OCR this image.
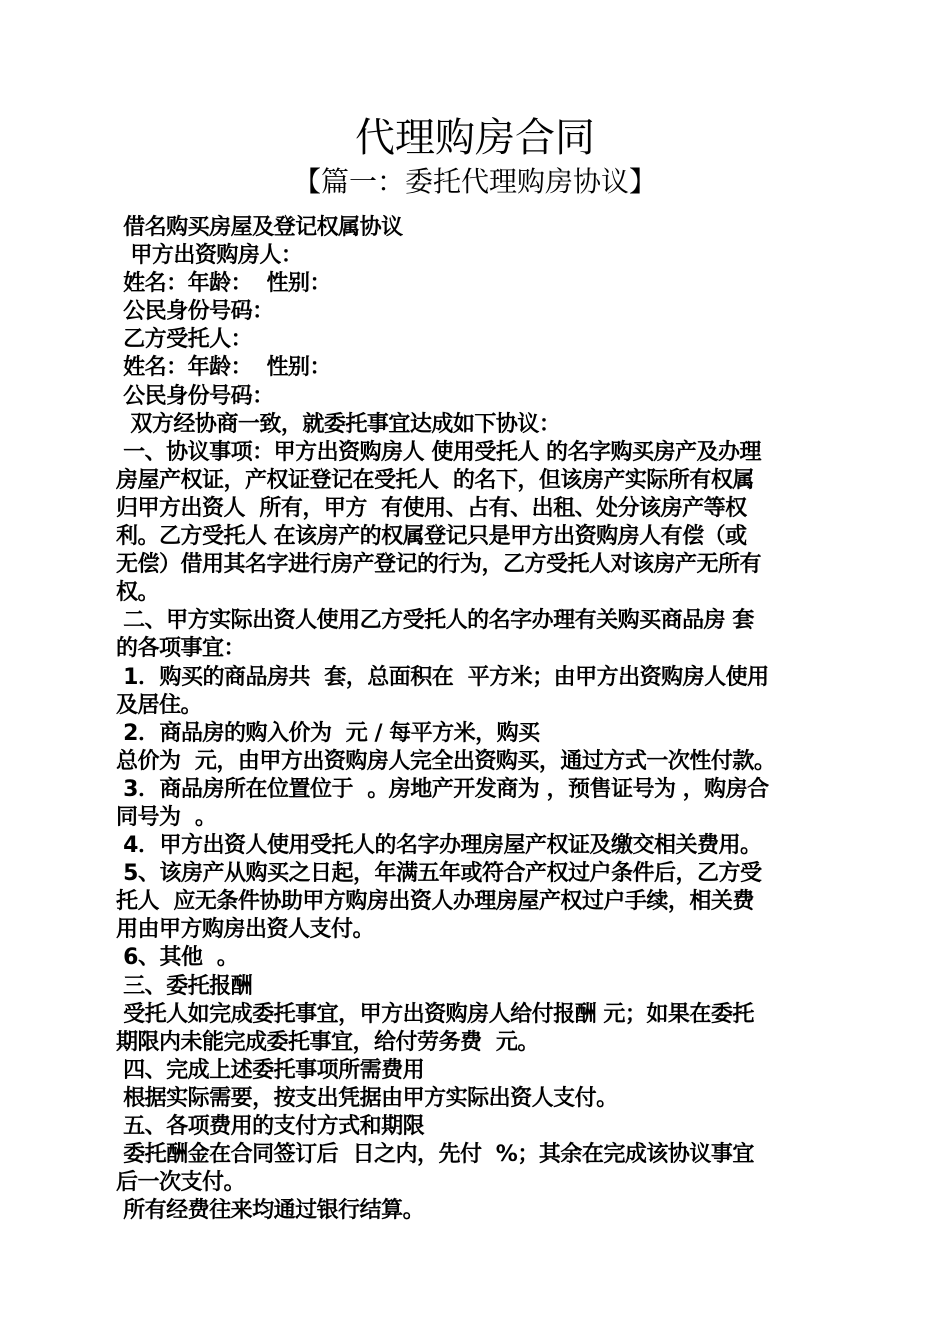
代理购房合同
【篇一：委托代理购房协议】
借名购买房屋及登记权属协议
甲方出资购房人：
姓名：年龄：  性别：
公民身份号码：
乙方受托人：
姓名：年龄：  性别：
公民身份号码：
双方经协商一致，就委托事宜达成如下协议：
一、协议事项：甲方出资购房人 使用受托人 的名字购买房产及办理
房屋产权证，产权证登记在受托人  的名下，但该房产实际所有权属
归甲方出资人  所有，甲方  有使用、占有、出租、处分该房产等权
利。乙方受托人 在该房产的权属登记只是甲方出资购房人有偿（或
无偿）借用其名字进行房产登记的行为，乙方受托人对该房产无所有
权。
二、甲方实际出资人使用乙方受托人的名字办理有关购买商品房 套
的各项事宜：
1．购买的商品房共  套，总面积在  平方米；由甲方出资购房人使用
及居住。
2．商品房的购入价为  元 / 每平方米，购买
总价为  元，由甲方出资购房人完全出资购买，通过方式一次性付款。
3．商品房所在位置位于  。房地产开发商为 ，预售证号为 ，购房合
同号为  。
4．甲方出资人使用受托人的名字办理房屋产权证及缴交相关费用。
5、该房产从购买之日起，年满五年或符合产权过户条件后，乙方受
托人  应无条件协助甲方购房出资人办理房屋产权过户手续，相关费
用由甲方购房出资人支付。
6、其他  。
三、委托报酬
受托人如完成委托事宜，甲方出资购房人给付报酬 元；如果在委托
期限内未能完成委托事宜，给付劳务费  元。
四、完成上述委托事项所需费用
根据实际需要，按支出凭据由甲方实际出资人支付。
五、各项费用的支付方式和期限
委托酬金在合同签订后  日之内，先付  %；其余在完成该协议事宜
后一次支付。
所有经费往来均通过银行结算。
